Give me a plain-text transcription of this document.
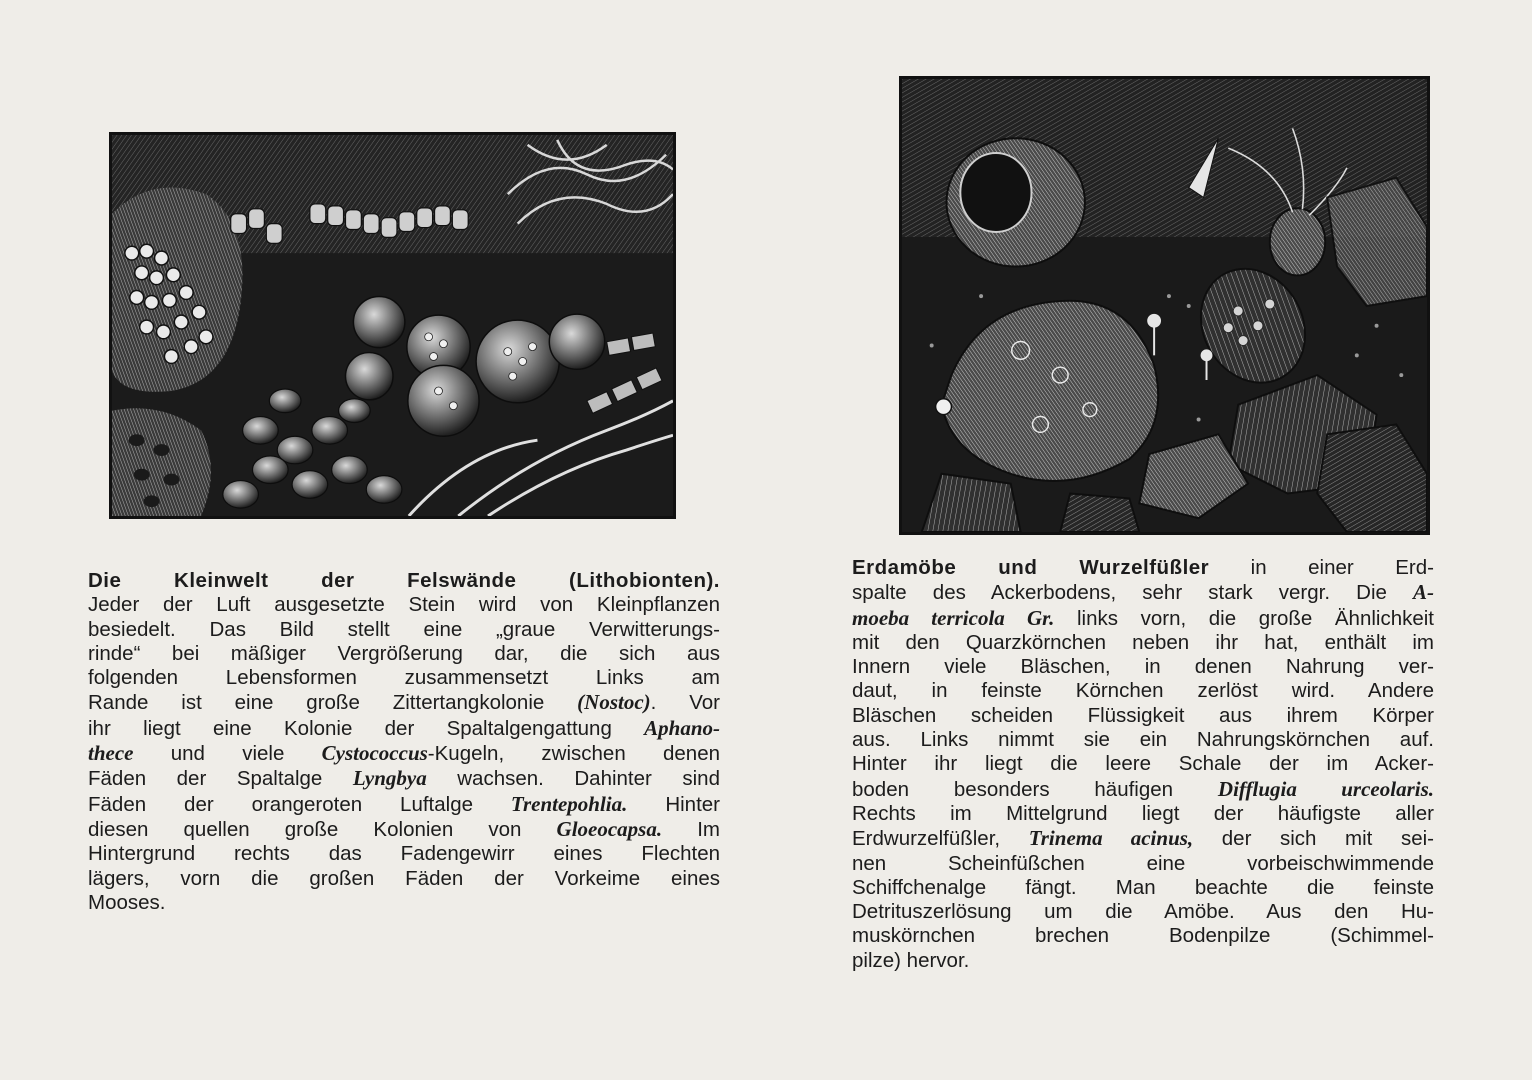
Die Kleinwelt der Felswände (Lithobionten).
Jeder der Luft ausgesetzte Stein wird von Kleinpflanzen
besiedelt. Das Bild stellt eine „graue Verwitterungs-
rinde“ bei mäßiger Vergrößerung dar, die sich aus
folgenden Lebensformen zusammensetzt Links am
Rande ist eine große Zittertangkolonie (Nostoc). Vor
ihr liegt eine Kolonie der Spaltalgengattung Aphano-
thece und viele Cystococcus-Kugeln, zwischen denen
Fäden der Spaltalge Lyngbya wachsen. Dahinter sind
Fäden der orangeroten Luftalge Trentepohlia. Hinter
diesen quellen große Kolonien von Gloeocapsa. Im
Hintergrund rechts das Fadengewirr eines Flechten
lägers, vorn die großen Fäden der Vorkeime eines
Mooses.
Erdamöbe und Wurzelfüßler in einer Erd-
spalte des Ackerbodens, sehr stark vergr. Die A-
moeba terricola Gr. links vorn, die große Ähnlichkeit
mit den Quarzkörnchen neben ihr hat, enthält im
Innern viele Bläschen, in denen Nahrung ver-
daut, in feinste Körnchen zerlöst wird. Andere
Bläschen scheiden Flüssigkeit aus ihrem Körper
aus. Links nimmt sie ein Nahrungskörnchen auf.
Hinter ihr liegt die leere Schale der im Acker-
boden besonders häufigen Difflugia urceolaris.
Rechts im Mittelgrund liegt der häufigste aller
Erdwurzelfüßler, Trinema acinus, der sich mit sei-
nen Scheinfüßchen eine vorbeischwimmende
Schiffchenalge fängt. Man beachte die feinste
Detrituszerlösung um die Amöbe. Aus den Hu-
muskörnchen brechen Bodenpilze (Schimmel-
pilze) hervor.
